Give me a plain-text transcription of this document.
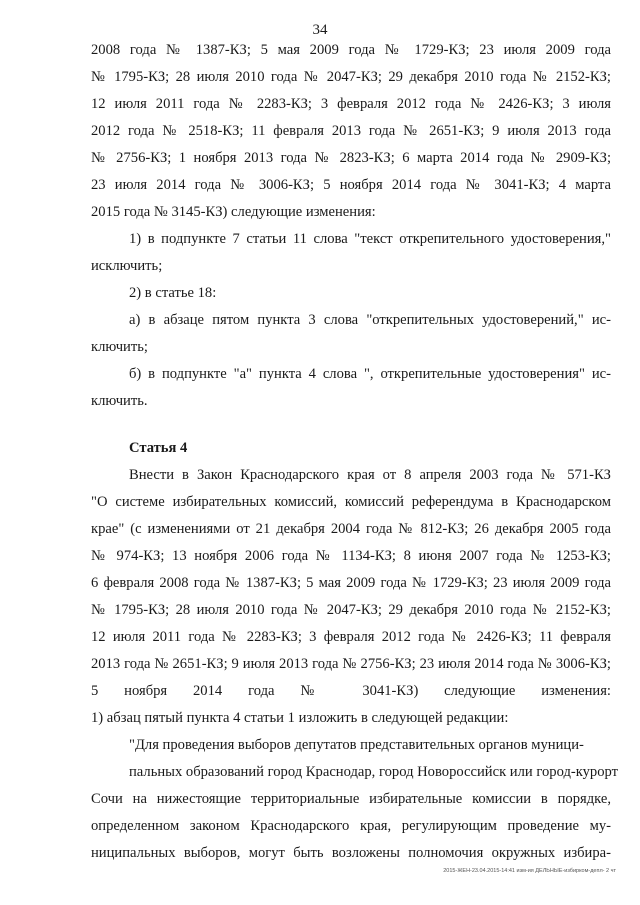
34
2008 года № 1387-КЗ; 5 мая 2009 года № 1729-КЗ; 23 июля 2009 года
№ 1795-КЗ; 28 июля 2010 года № 2047-КЗ; 29 декабря 2010 года № 2152-КЗ;
12 июля 2011 года № 2283-КЗ; 3 февраля 2012 года № 2426-КЗ; 3 июля
2012 года № 2518-КЗ; 11 февраля 2013 года № 2651-КЗ; 9 июля 2013 года
№ 2756-КЗ; 1 ноября 2013 года № 2823-КЗ; 6 марта 2014 года № 2909-КЗ;
23 июля 2014 года № 3006-КЗ; 5 ноября 2014 года № 3041-КЗ; 4 марта
2015 года № 3145-КЗ) следующие изменения:
1) в подпункте 7 статьи 11 слова "текст открепительного удостоверения,"
исключить;
2) в статье 18:
а) в абзаце пятом пункта 3 слова "открепительных удостоверений," ис-
ключить;
б) в подпункте "а" пункта 4 слова ", открепительные удостоверения" ис-
ключить.
Статья 4
Внести в Закон Краснодарского края от 8 апреля 2003 года № 571-КЗ
"О системе избирательных комиссий, комиссий референдума в Краснодарском
крае" (с изменениями от 21 декабря 2004 года № 812-КЗ; 26 декабря 2005 года
№ 974-КЗ; 13 ноября 2006 года № 1134-КЗ; 8 июня 2007 года № 1253-КЗ;
6 февраля 2008 года № 1387-КЗ; 5 мая 2009 года № 1729-КЗ; 23 июля 2009 года
№ 1795-КЗ; 28 июля 2010 года № 2047-КЗ; 29 декабря 2010 года № 2152-КЗ;
12 июля 2011 года № 2283-КЗ; 3 февраля 2012 года № 2426-КЗ; 11 февраля
2013 года № 2651-КЗ; 9 июля 2013 года № 2756-КЗ; 23 июля 2014 года № 3006-КЗ;
5 ноября 2014 года № 3041-КЗ) следующие изменения:
1) абзац пятый пункта 4 статьи 1 изложить в следующей редакции:
"Для проведения выборов депутатов представительных органов муници-
пальных образований город Краснодар, город Новороссийск или город-курорт
Сочи на нижестоящие территориальные избирательные комиссии в порядке,
определенном законом Краснодарского края, регулирующим проведение му-
ниципальных выборов, могут быть возложены полномочия окружных избира-
2015-ЖЕН-23.04.2015-14:41 изм-ия ДЕЛЬНЫЕ-избирком-депл- 2 чт
